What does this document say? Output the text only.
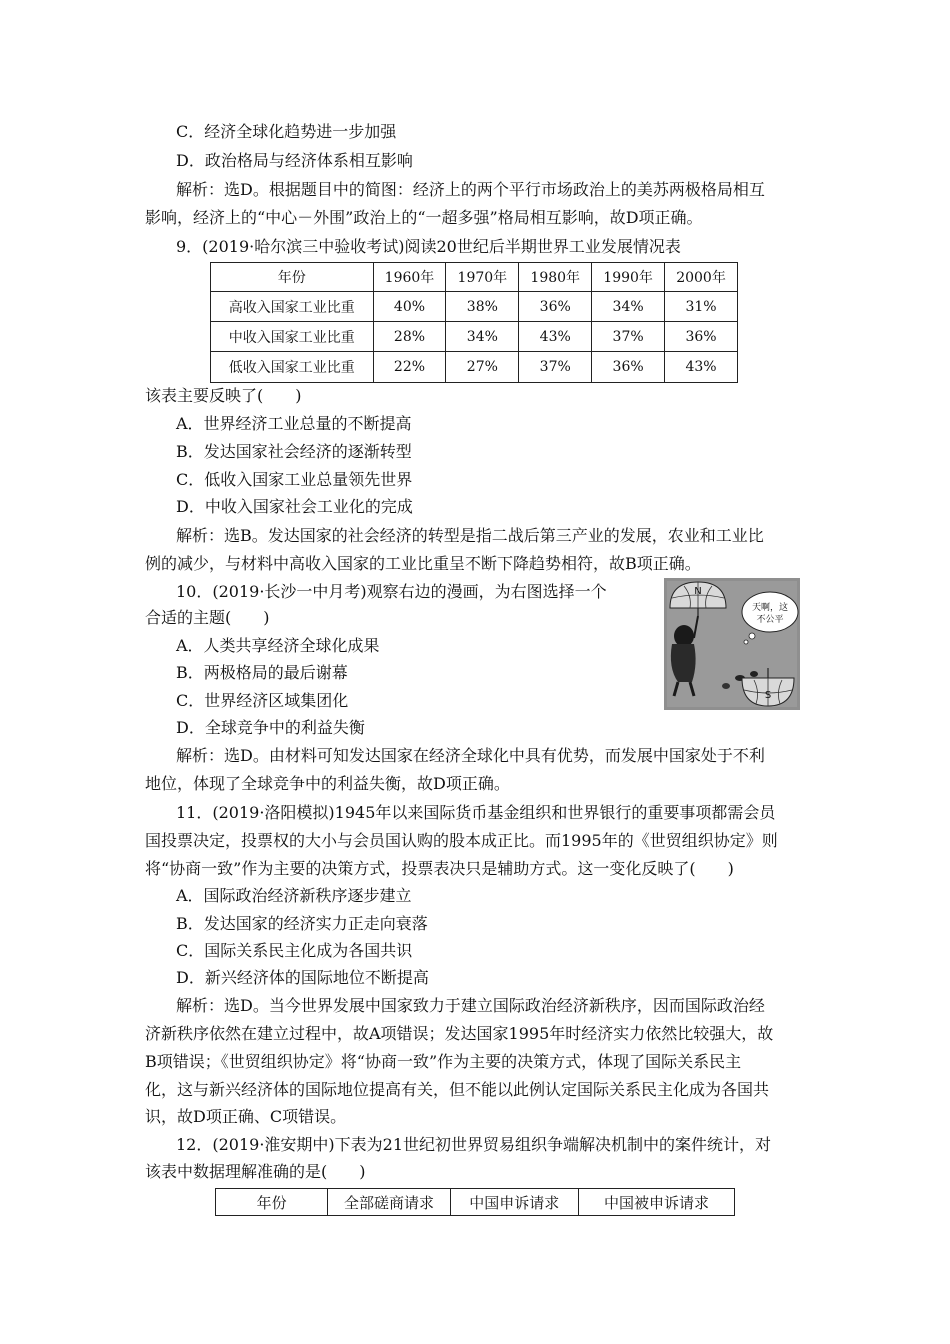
C．经济全球化趋势进一步加强
D．政治格局与经济体系相互影响
解析：选D。根据题目中的简图：经济上的两个平行市场政治上的美苏两极格局相互
影响，经济上的“中心－外围”政治上的“一超多强”格局相互影响，故D项正确。
9．(2019·哈尔滨三中验收考试)阅读20世纪后半期世界工业发展情况表
年份	1960年	1970年	1980年	1990年	2000年
高收入国家工业比重	40%	38%	36%	34%	31%
中收入国家工业比重	28%	34%	43%	37%	36%
低收入国家工业比重	22%	27%	37%	36%	43%
该表主要反映了(　　)
A．世界经济工业总量的不断提高
B．发达国家社会经济的逐渐转型
C．低收入国家工业总量领先世界
D．中收入国家社会工业化的完成
解析：选B。发达国家的社会经济的转型是指二战后第三产业的发展，农业和工业比
例的减少，与材料中高收入国家的工业比重呈不断下降趋势相符，故B项正确。
10．(2019·长沙一中月考)观察右边的漫画，为右图选择一个
合适的主题(　　)
A．人类共享经济全球化成果
B．两极格局的最后谢幕
C．世界经济区域集团化
D．全球竞争中的利益失衡
N
天啊，这
不公平
S
解析：选D。由材料可知发达国家在经济全球化中具有优势，而发展中国家处于不利
地位，体现了全球竞争中的利益失衡，故D项正确。
11．(2019·洛阳模拟)1945年以来国际货币基金组织和世界银行的重要事项都需会员
国投票决定，投票权的大小与会员国认购的股本成正比。而1995年的《世贸组织协定》则
将“协商一致”作为主要的决策方式，投票表决只是辅助方式。这一变化反映了(　　)
A．国际政治经济新秩序逐步建立
B．发达国家的经济实力正走向衰落
C．国际关系民主化成为各国共识
D．新兴经济体的国际地位不断提高
解析：选D。当今世界发展中国家致力于建立国际政治经济新秩序，因而国际政治经
济新秩序依然在建立过程中，故A项错误；发达国家1995年时经济实力依然比较强大，故
B项错误；《世贸组织协定》将“协商一致”作为主要的决策方式，体现了国际关系民主
化，这与新兴经济体的国际地位提高有关，但不能以此例认定国际关系民主化成为各国共
识，故D项正确、C项错误。
12．(2019·淮安期中)下表为21世纪初世界贸易组织争端解决机制中的案件统计，对
该表中数据理解准确的是(　　)
年份	全部磋商请求	中国申诉请求	中国被申诉请求
